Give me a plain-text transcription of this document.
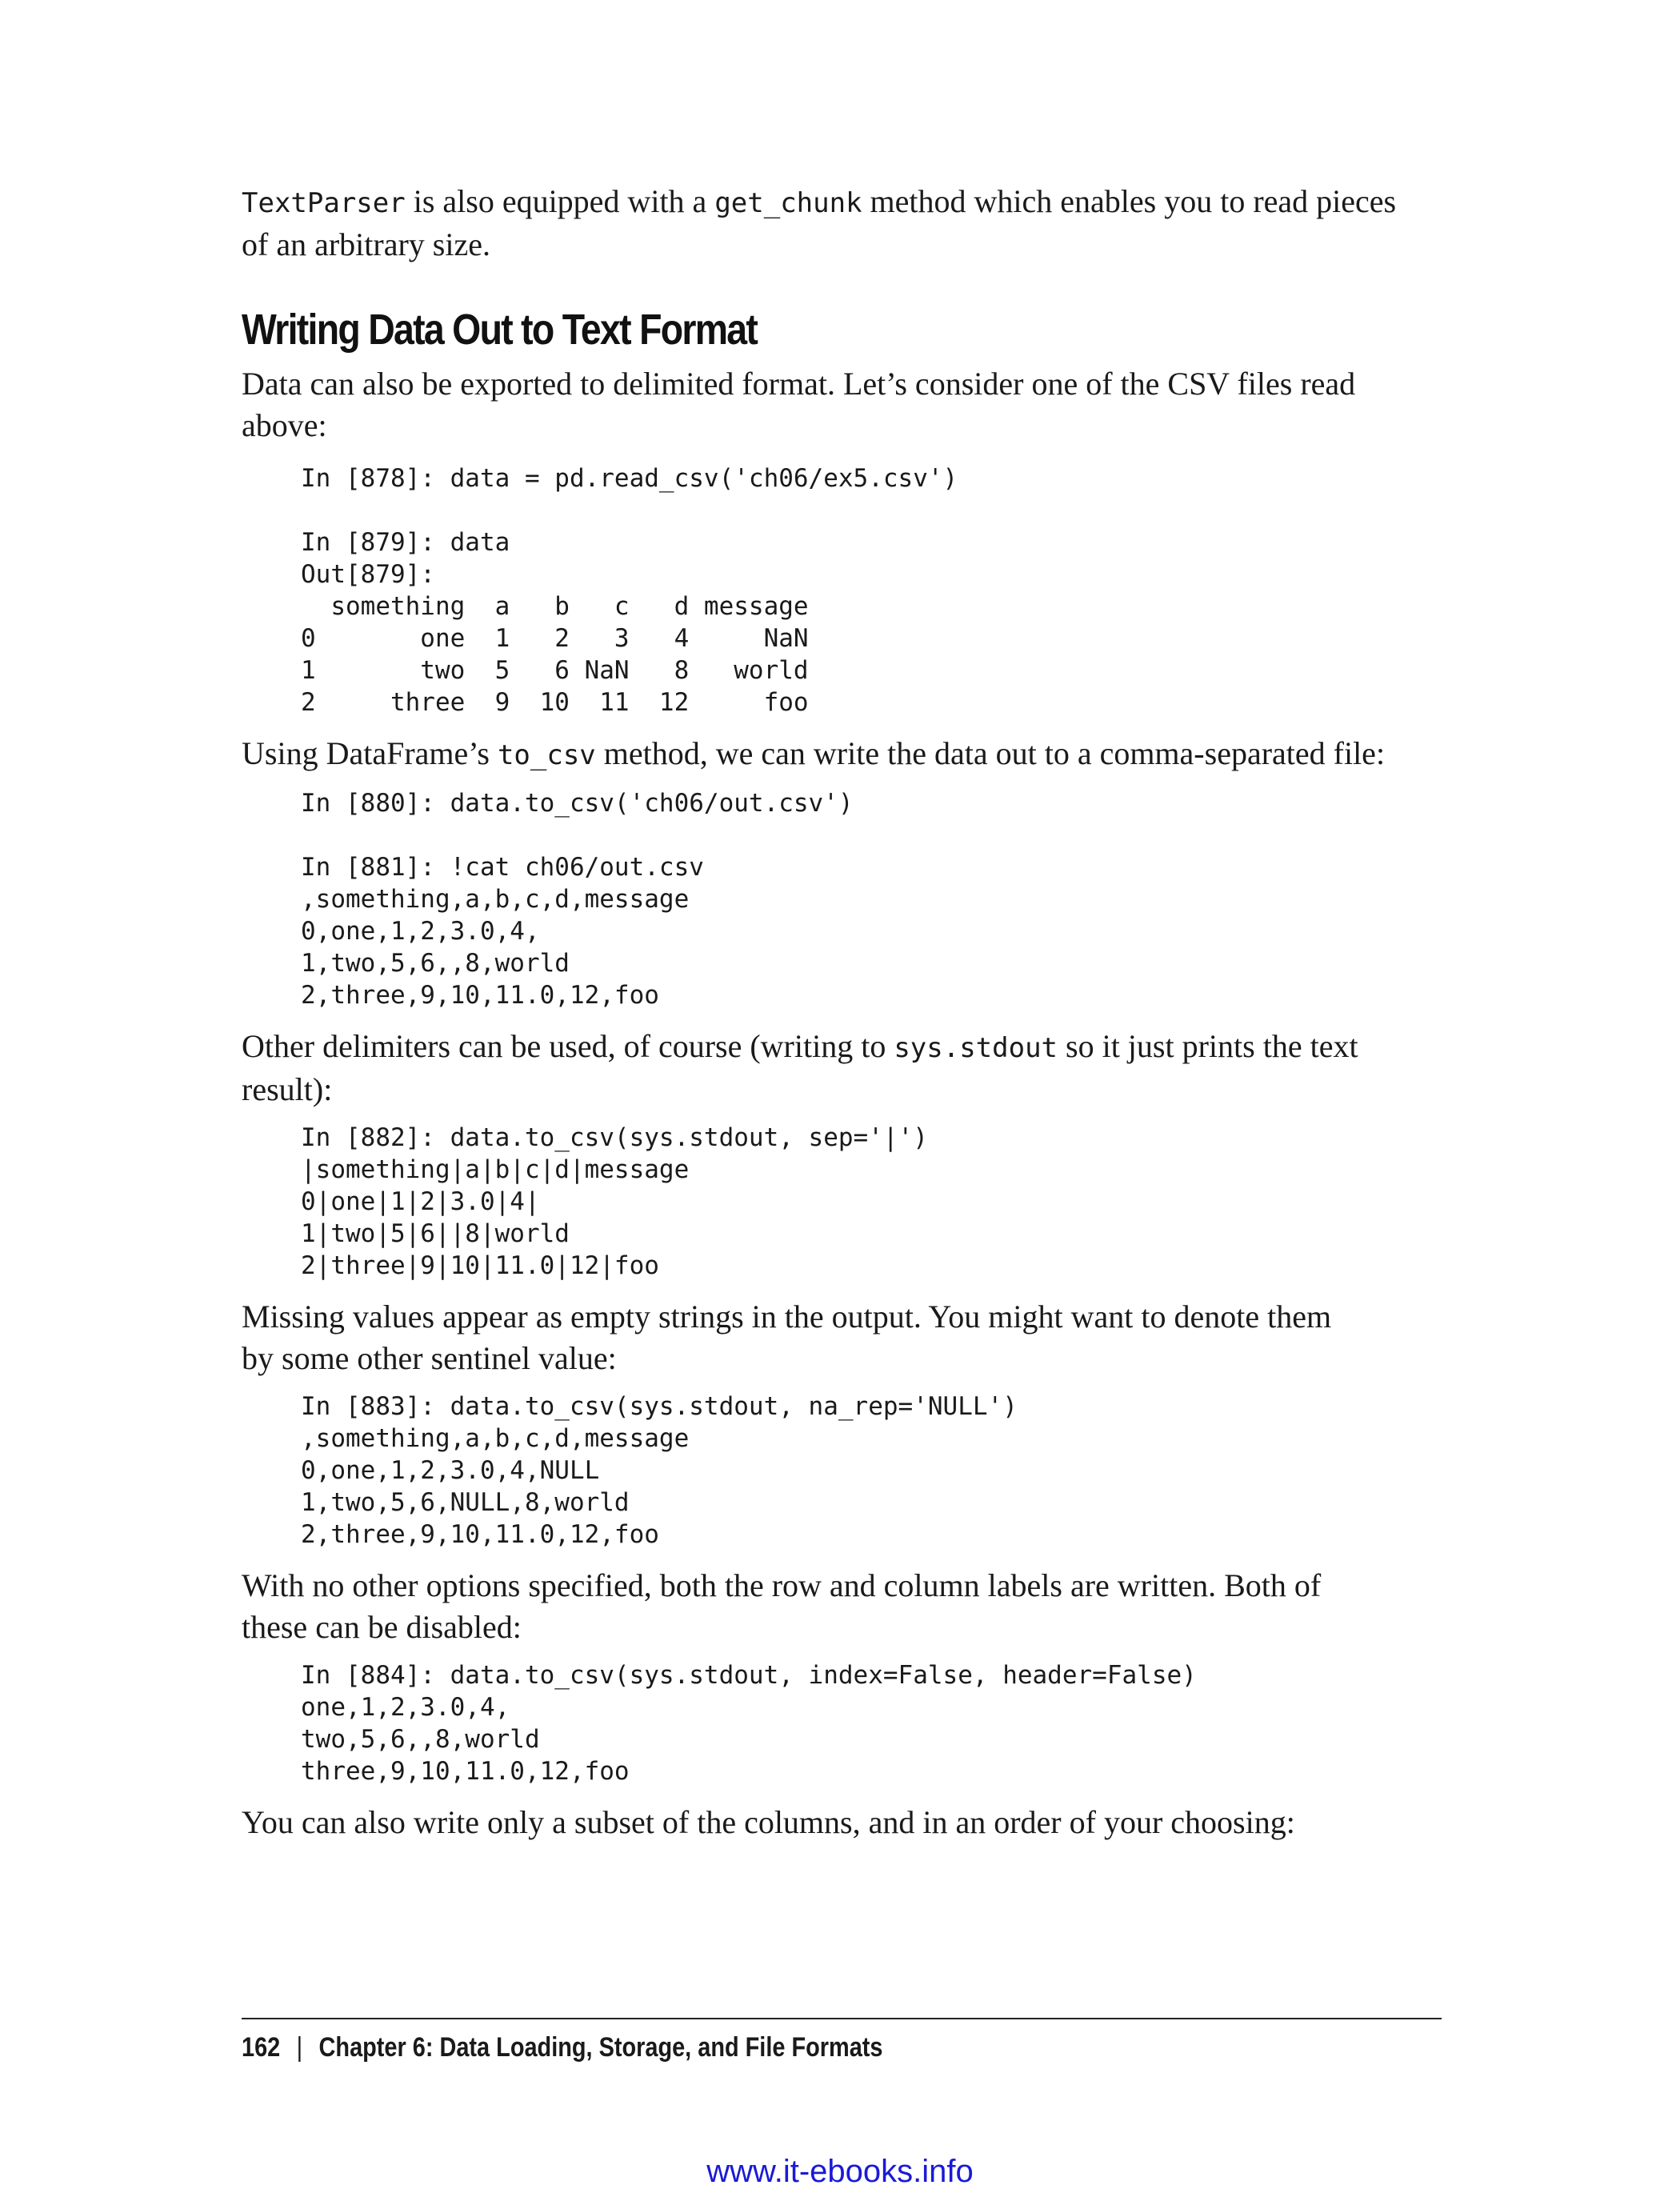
TextParser is also equipped with a get_chunk method which enables you to read pieces
of an arbitrary size.

Writing Data Out to Text Format

Data can also be exported to delimited format. Let’s consider one of the CSV files read
above:

In [878]: data = pd.read_csv('ch06/ex5.csv')

In [879]: data
Out[879]:
something  a   b   c   d message
0       one  1   2   3   4     NaN
1       two  5   6 NaN   8   world
2     three  9  10  11  12     foo

Using DataFrame’s to_csv method, we can write the data out to a comma-separated file:

In [880]: data.to_csv('ch06/out.csv')

In [881]: !cat ch06/out.csv
,something,a,b,c,d,message
0,one,1,2,3.0,4,
1,two,5,6,,8,world
2,three,9,10,11.0,12,foo

Other delimiters can be used, of course (writing to sys.stdout so it just prints the text
result):

In [882]: data.to_csv(sys.stdout, sep='|')
|something|a|b|c|d|message
0|one|1|2|3.0|4|
1|two|5|6||8|world
2|three|9|10|11.0|12|foo

Missing values appear as empty strings in the output. You might want to denote them
by some other sentinel value:

In [883]: data.to_csv(sys.stdout, na_rep='NULL')
,something,a,b,c,d,message
0,one,1,2,3.0,4,NULL
1,two,5,6,NULL,8,world
2,three,9,10,11.0,12,foo

With no other options specified, both the row and column labels are written. Both of
these can be disabled:

In [884]: data.to_csv(sys.stdout, index=False, header=False)
one,1,2,3.0,4,
two,5,6,,8,world
three,9,10,11.0,12,foo

You can also write only a subset of the columns, and in an order of your choosing:

162 | Chapter 6: Data Loading, Storage, and File Formats
www.it-ebooks.info
